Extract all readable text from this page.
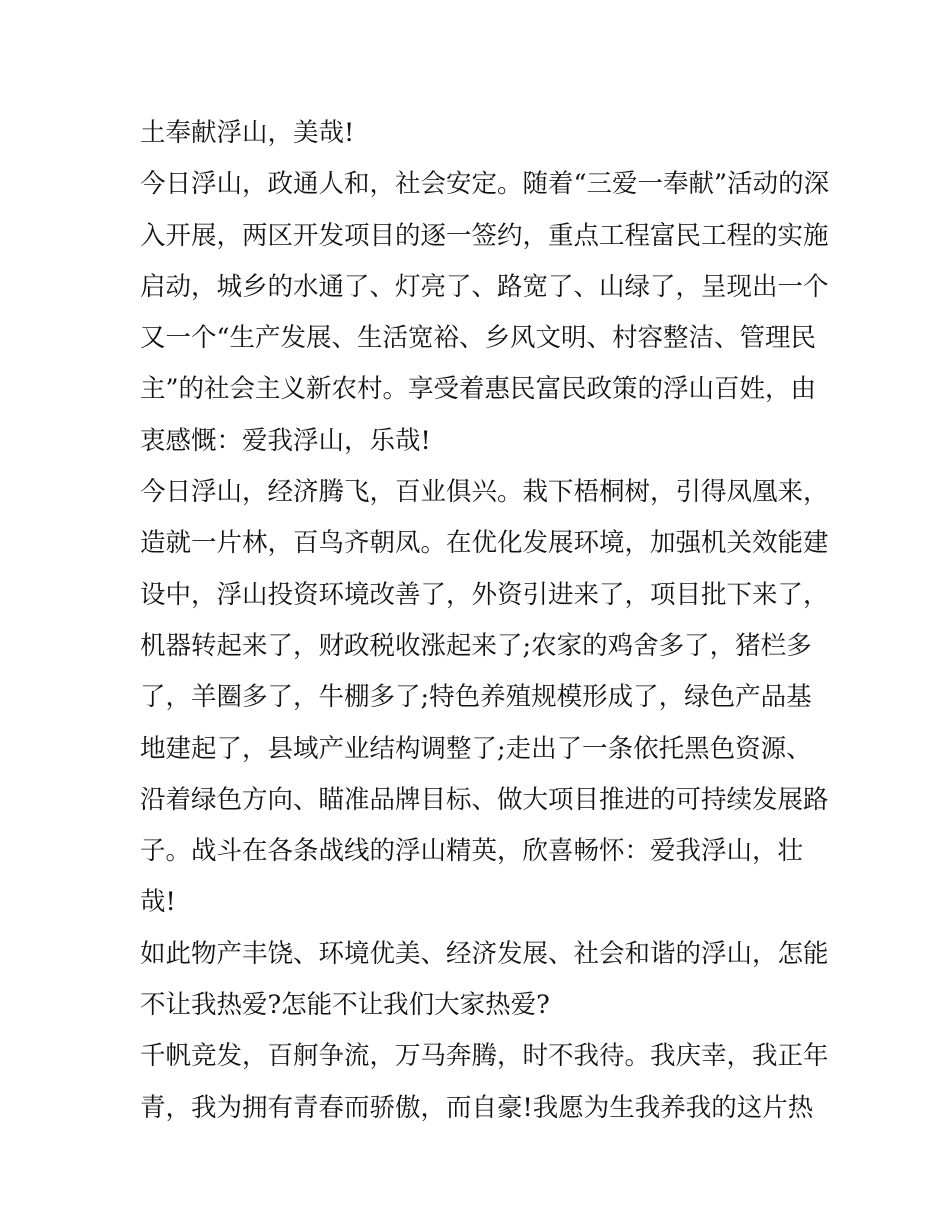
土奉献浮山，美哉!
今日浮山，政通人和，社会安定。随着“三爱一奉献”活动的深
入开展，两区开发项目的逐一签约，重点工程富民工程的实施
启动，城乡的水通了、灯亮了、路宽了、山绿了，呈现出一个
又一个“生产发展、生活宽裕、乡风文明、村容整洁、管理民
主”的社会主义新农村。享受着惠民富民政策的浮山百姓，由
衷感慨：爱我浮山，乐哉!
今日浮山，经济腾飞，百业俱兴。栽下梧桐树，引得凤凰来，
造就一片林，百鸟齐朝凤。在优化发展环境，加强机关效能建
设中，浮山投资环境改善了，外资引进来了，项目批下来了，
机器转起来了，财政税收涨起来了;农家的鸡舍多了，猪栏多
了，羊圈多了，牛棚多了;特色养殖规模形成了，绿色产品基
地建起了，县域产业结构调整了;走出了一条依托黑色资源、
沿着绿色方向、瞄准品牌目标、做大项目推进的可持续发展路
子。战斗在各条战线的浮山精英，欣喜畅怀：爱我浮山，壮
哉!
如此物产丰饶、环境优美、经济发展、社会和谐的浮山，怎能
不让我热爱?怎能不让我们大家热爱?
千帆竞发，百舸争流，万马奔腾，时不我待。我庆幸，我正年
青，我为拥有青春而骄傲，而自豪!我愿为生我养我的这片热
